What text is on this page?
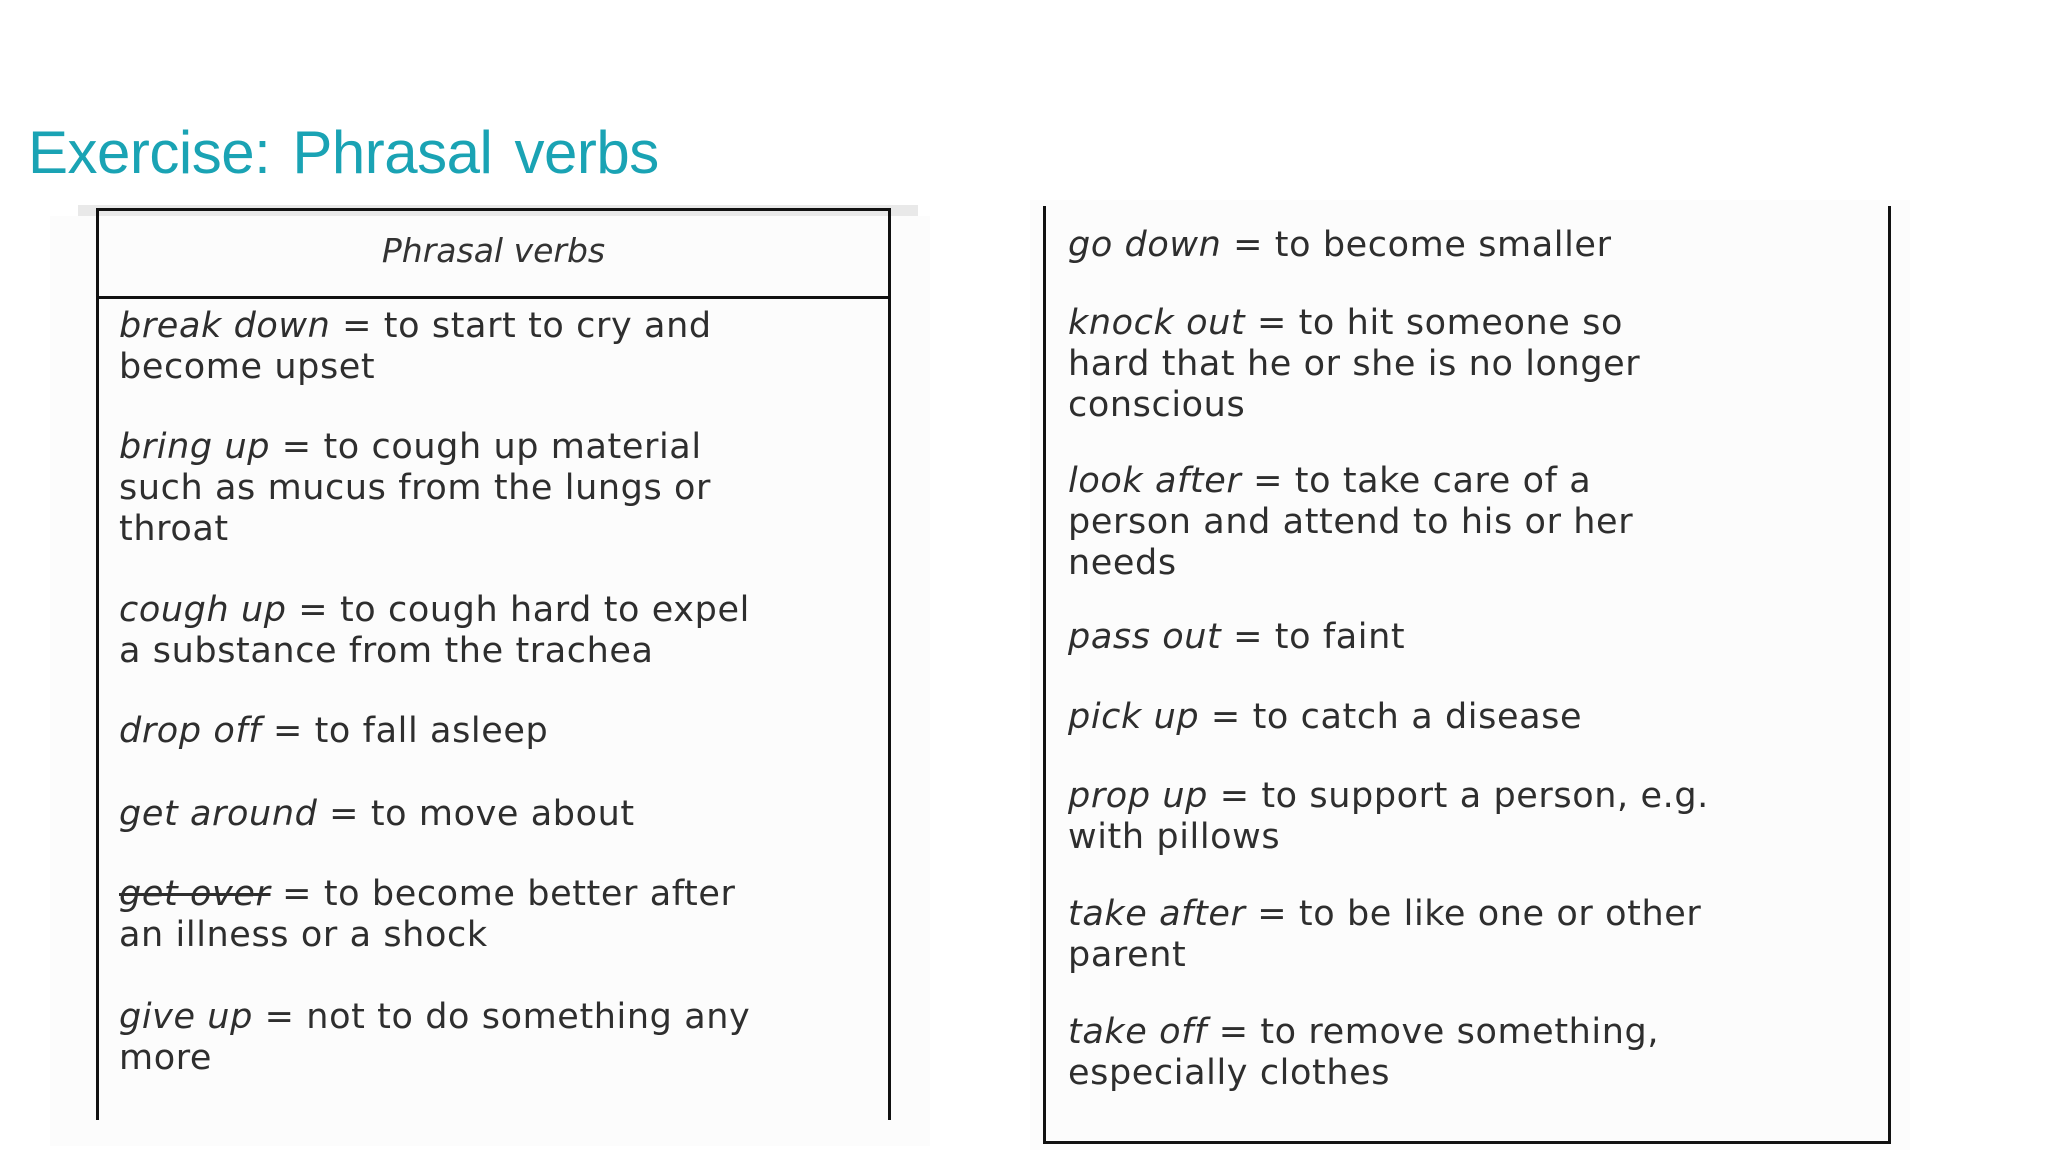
Exercise: Phrasal verbs
Phrasal verbs
break down = to start to cry and
become upset
bring up = to cough up material
such as mucus from the lungs or
throat
cough up = to cough hard to expel
a substance from the trachea
drop off = to fall asleep
get around = to move about
get over = to become better after
an illness or a shock
give up = not to do something any
more
go down = to become smaller
knock out = to hit someone so
hard that he or she is no longer
conscious
look after = to take care of a
person and attend to his or her
needs
pass out = to faint
pick up = to catch a disease
prop up = to support a person, e.g.
with pillows
take after = to be like one or other
parent
take off = to remove something,
especially clothes
